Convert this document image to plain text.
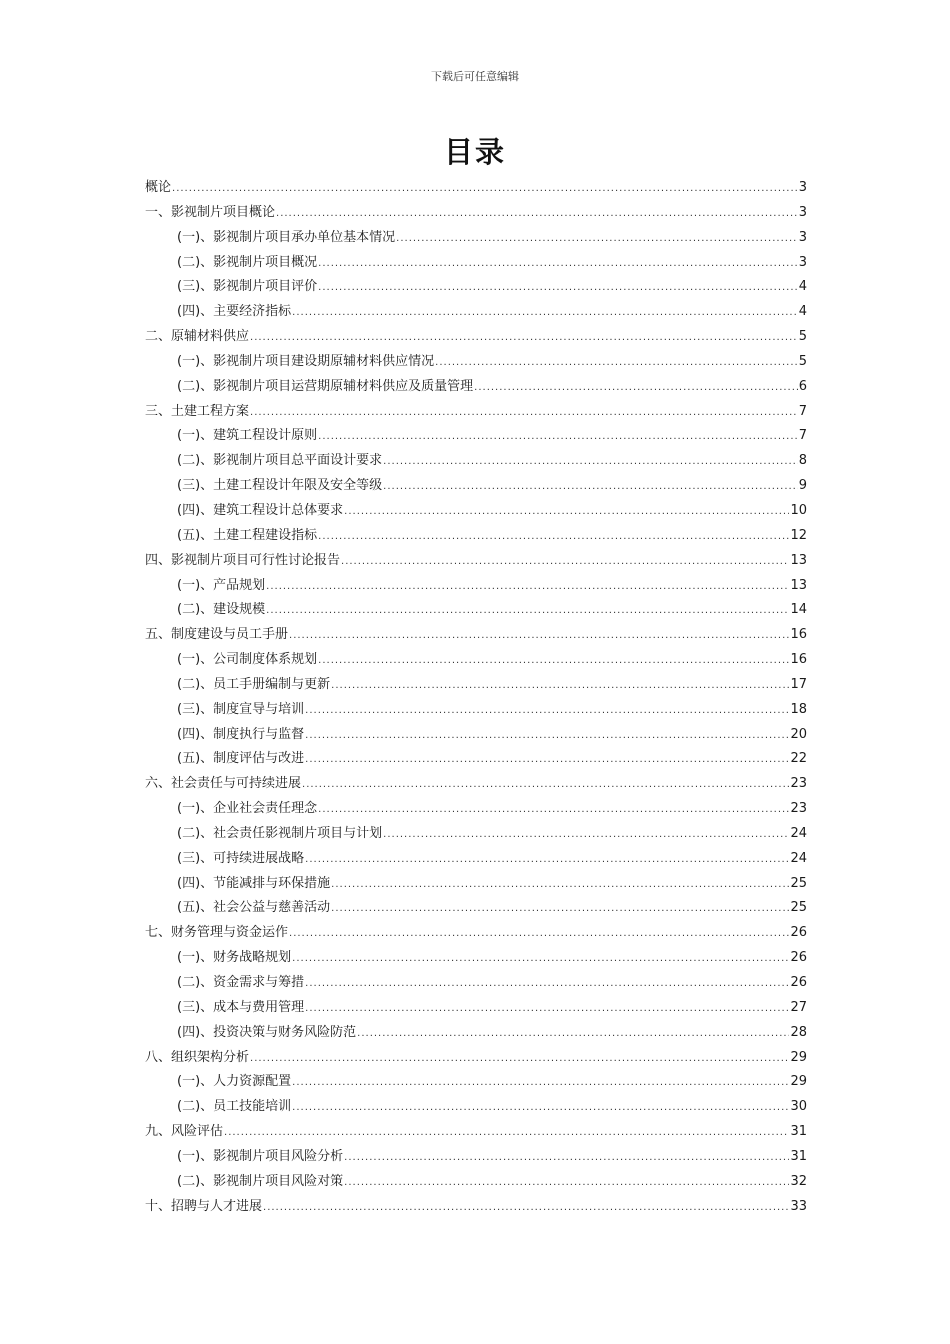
下载后可任意编辑
目录
概论 .....	3
一、影视制片项目概论 .....	3
(一)、影视制片项目承办单位基本情况 .....	3
(二)、影视制片项目概况 .....	3
(三)、影视制片项目评价 .....	4
(四)、主要经济指标 .....	4
二、原辅材料供应 .....	5
(一)、影视制片项目建设期原辅材料供应情况 .....	5
(二)、影视制片项目运营期原辅材料供应及质量管理 .....	6
三、土建工程方案 .....	7
(一)、建筑工程设计原则 .....	7
(二)、影视制片项目总平面设计要求 .....	8
(三)、土建工程设计年限及安全等级 .....	9
(四)、建筑工程设计总体要求 .....	10
(五)、土建工程建设指标 .....	12
四、影视制片项目可行性讨论报告 .....	13
(一)、产品规划 .....	13
(二)、建设规模 .....	14
五、制度建设与员工手册 .....	16
(一)、公司制度体系规划 .....	16
(二)、员工手册编制与更新 .....	17
(三)、制度宣导与培训 .....	18
(四)、制度执行与监督 .....	20
(五)、制度评估与改进 .....	22
六、社会责任与可持续进展 .....	23
(一)、企业社会责任理念 .....	23
(二)、社会责任影视制片项目与计划 .....	24
(三)、可持续进展战略 .....	24
(四)、节能减排与环保措施 .....	25
(五)、社会公益与慈善活动 .....	25
七、财务管理与资金运作 .....	26
(一)、财务战略规划 .....	26
(二)、资金需求与筹措 .....	26
(三)、成本与费用管理 .....	27
(四)、投资决策与财务风险防范 .....	28
八、组织架构分析 .....	29
(一)、人力资源配置 .....	29
(二)、员工技能培训 .....	30
九、风险评估 .....	31
(一)、影视制片项目风险分析 .....	31
(二)、影视制片项目风险对策 .....	32
十、招聘与人才进展 .....	33
